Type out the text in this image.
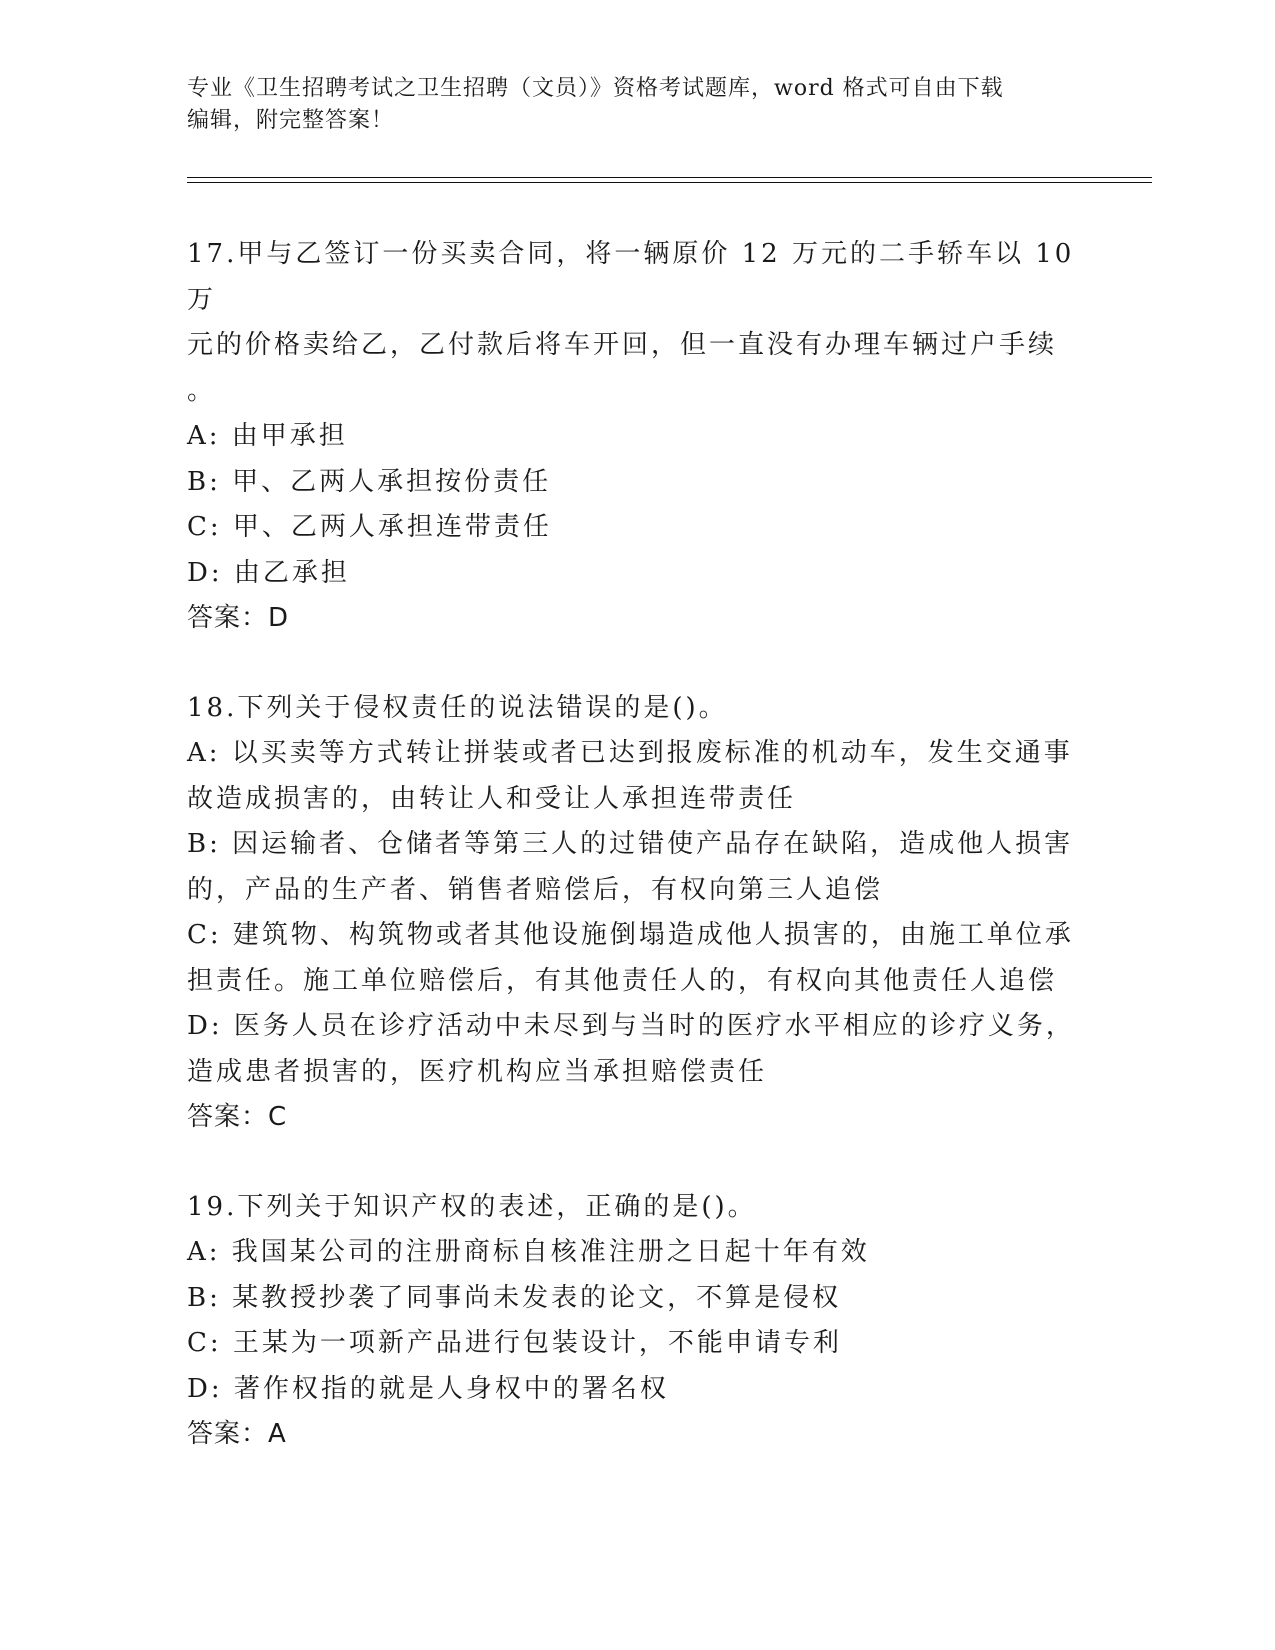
专业《卫生招聘考试之卫生招聘（文员）》资格考试题库，word 格式可自由下载
编辑，附完整答案！
17.甲与乙签订一份买卖合同，将一辆原价 12 万元的二手轿车以 10 万
元的价格卖给乙，乙付款后将车开回，但一直没有办理车辆过户手续
。
A: 由甲承担
B: 甲、乙两人承担按份责任
C: 甲、乙两人承担连带责任
D: 由乙承担
答案：D
18.下列关于侵权责任的说法错误的是()。
A: 以买卖等方式转让拼装或者已达到报废标准的机动车，发生交通事
故造成损害的，由转让人和受让人承担连带责任
B: 因运输者、仓储者等第三人的过错使产品存在缺陷，造成他人损害
的，产品的生产者、销售者赔偿后，有权向第三人追偿
C: 建筑物、构筑物或者其他设施倒塌造成他人损害的，由施工单位承
担责任。施工单位赔偿后，有其他责任人的，有权向其他责任人追偿
D: 医务人员在诊疗活动中未尽到与当时的医疗水平相应的诊疗义务，
造成患者损害的，医疗机构应当承担赔偿责任
答案：C
19.下列关于知识产权的表述，正确的是()。
A: 我国某公司的注册商标自核准注册之日起十年有效
B: 某教授抄袭了同事尚未发表的论文，不算是侵权
C: 王某为一项新产品进行包装设计，不能申请专利
D: 著作权指的就是人身权中的署名权
答案：A
